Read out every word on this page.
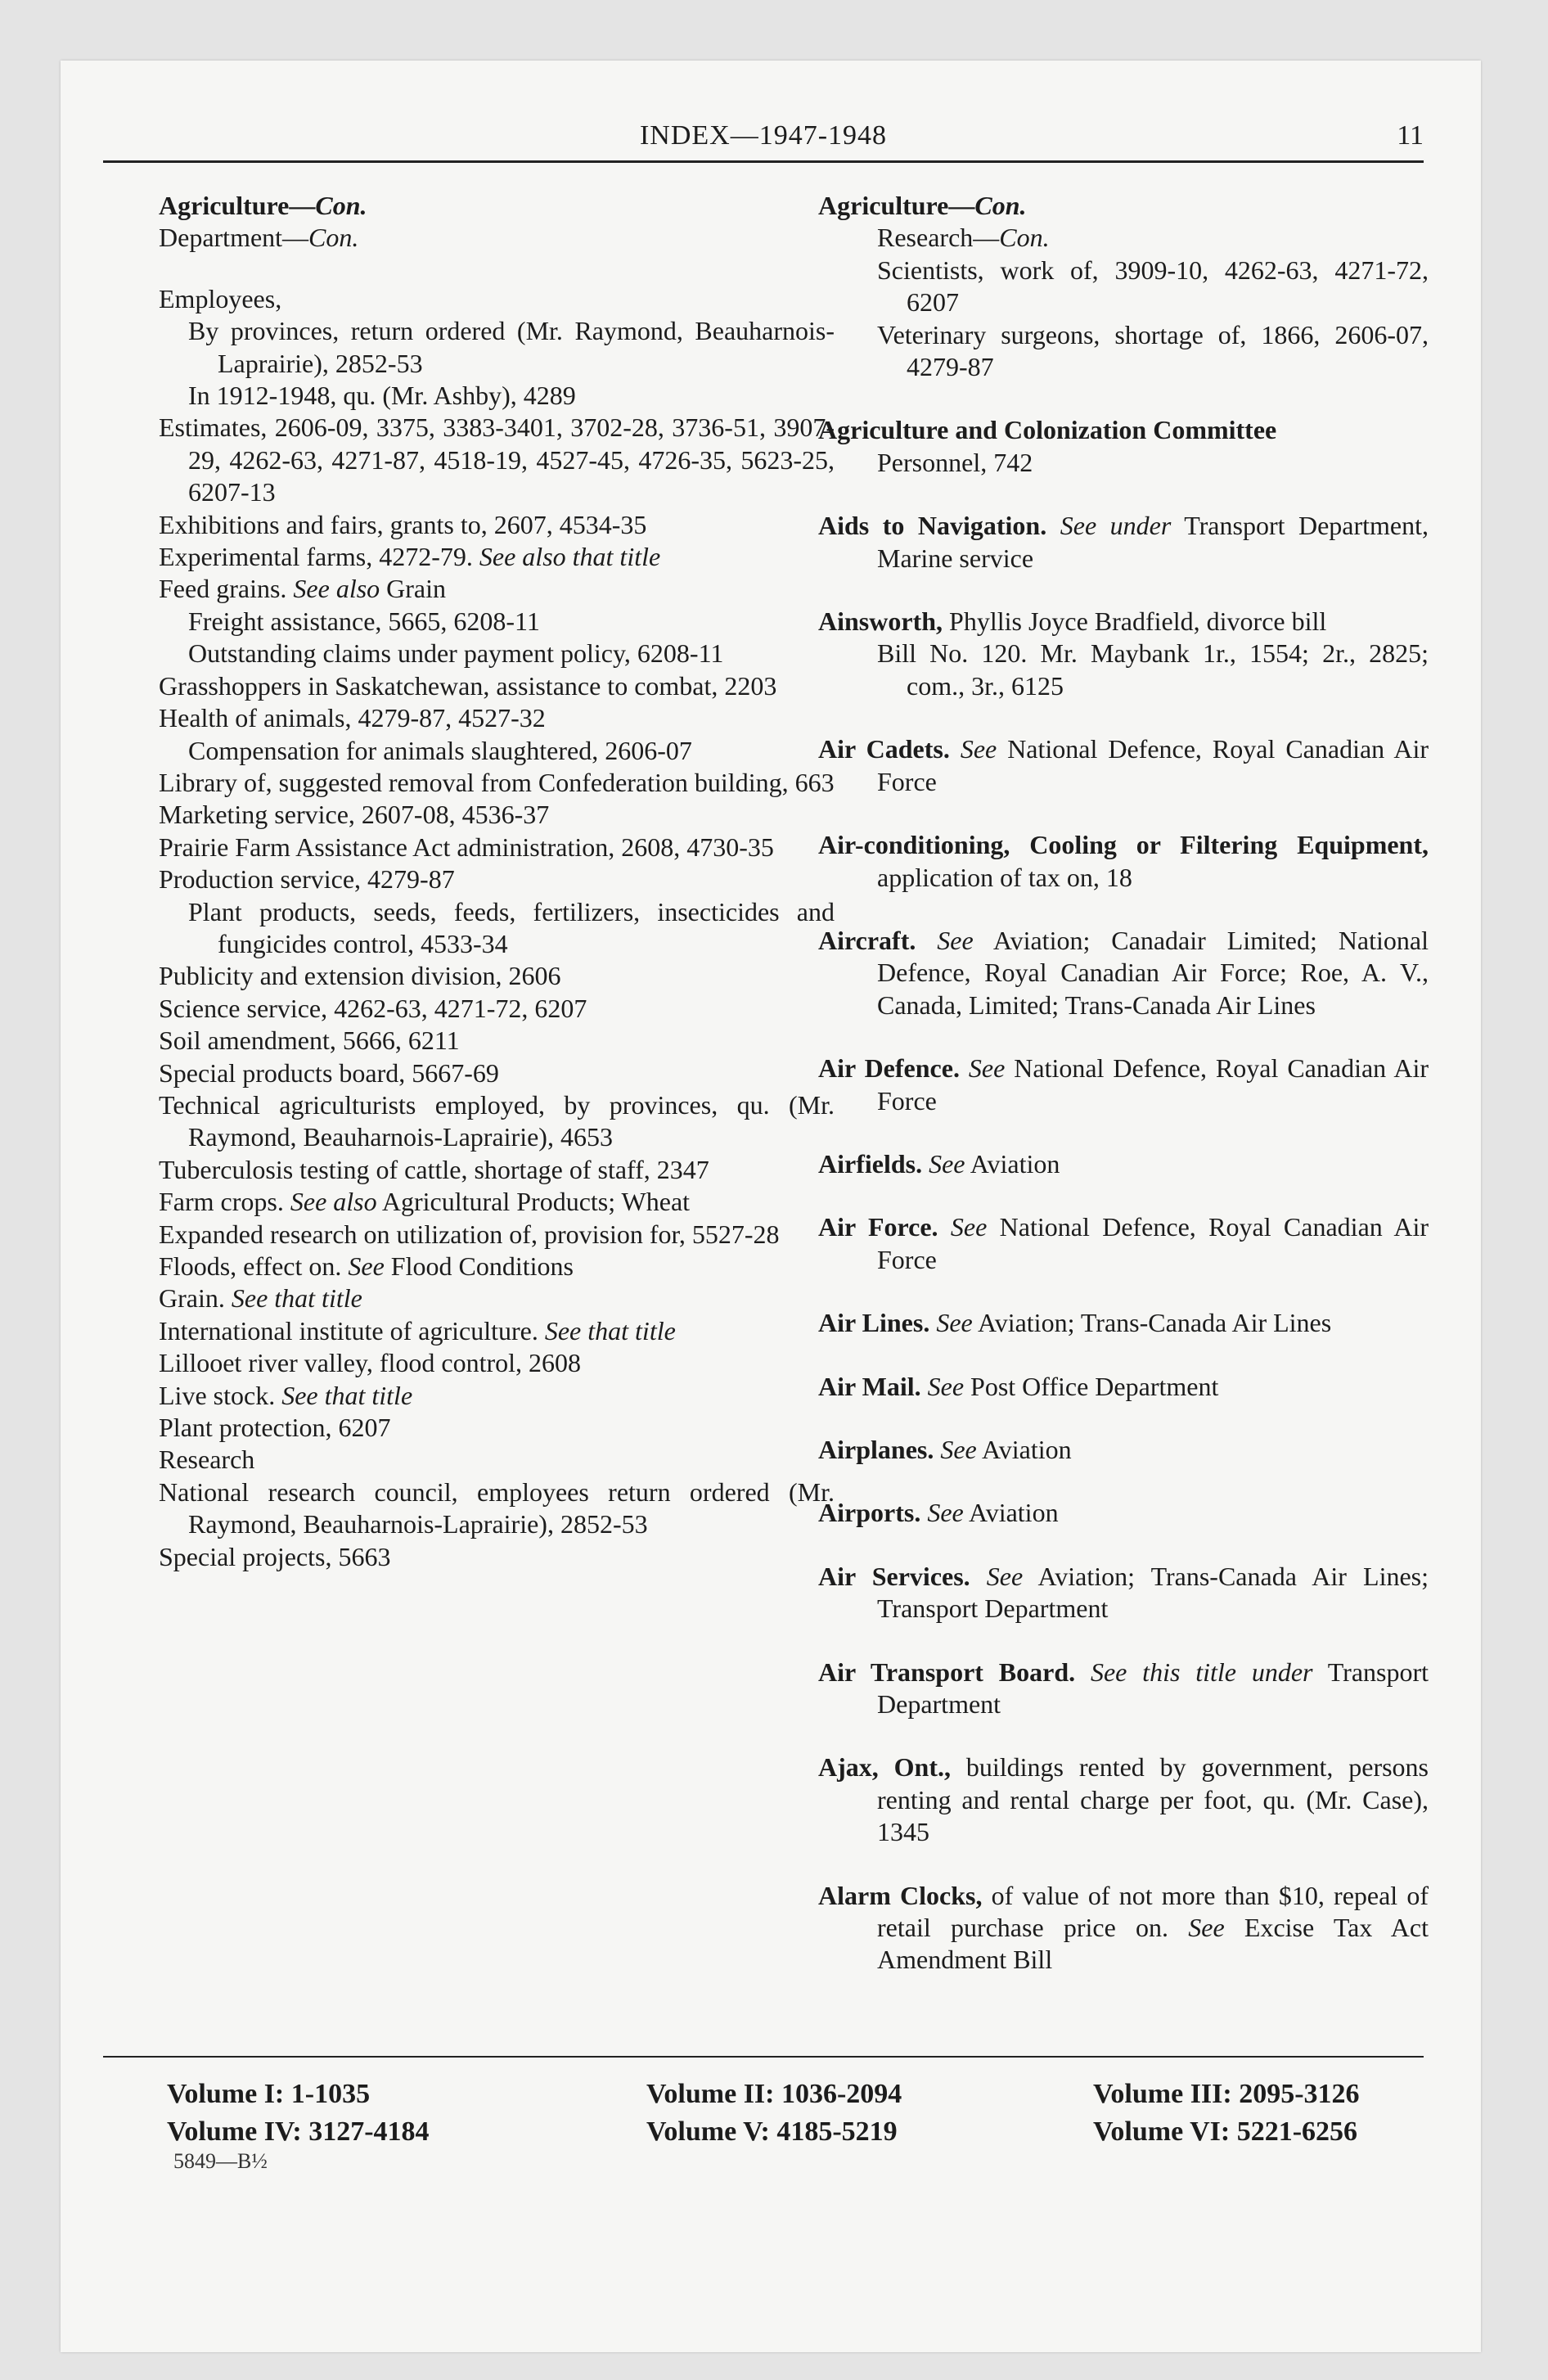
INDEX—1947-1948	11

Agriculture—Con.

Department—Con.

Employees,

By provinces, return ordered (Mr. Raymond, Beauharnois-Laprairie), 2852-53

In 1912-1948, qu. (Mr. Ashby), 4289

Estimates, 2606-09, 3375, 3383-3401, 3702-28, 3736-51, 3907-29, 4262-63, 4271-87, 4518-19, 4527-45, 4726-35, 5623-25, 6207-13

Exhibitions and fairs, grants to, 2607, 4534-35

Experimental farms, 4272-79. See also that title

Feed grains. See also Grain

Freight assistance, 5665, 6208-11

Outstanding claims under payment policy, 6208-11

Grasshoppers in Saskatchewan, assistance to combat, 2203

Health of animals, 4279-87, 4527-32

Compensation for animals slaughtered, 2606-07

Library of, suggested removal from Confederation building, 663

Marketing service, 2607-08, 4536-37

Prairie Farm Assistance Act administration, 2608, 4730-35

Production service, 4279-87

Plant products, seeds, feeds, fertilizers, insecticides and fungicides control, 4533-34

Publicity and extension division, 2606

Science service, 4262-63, 4271-72, 6207

Soil amendment, 5666, 6211

Special products board, 5667-69

Technical agriculturists employed, by provinces, qu. (Mr. Raymond, Beauharnois-Laprairie), 4653

Tuberculosis testing of cattle, shortage of staff, 2347

Farm crops. See also Agricultural Products; Wheat

Expanded research on utilization of, provision for, 5527-28

Floods, effect on. See Flood Conditions

Grain. See that title

International institute of agriculture. See that title

Lillooet river valley, flood control, 2608

Live stock. See that title

Plant protection, 6207

Research

National research council, employees return ordered (Mr. Raymond, Beauharnois-Laprairie), 2852-53

Special projects, 5663

Agriculture—Con.

Research—Con.

Scientists, work of, 3909-10, 4262-63, 4271-72, 6207

Veterinary surgeons, shortage of, 1866, 2606-07, 4279-87

Agriculture and Colonization Committee

Personnel, 742

Aids to Navigation. See under Transport Department, Marine service

Ainsworth, Phyllis Joyce Bradfield, divorce bill

Bill No. 120. Mr. Maybank 1r., 1554; 2r., 2825; com., 3r., 6125

Air Cadets. See National Defence, Royal Canadian Air Force

Air-conditioning, Cooling or Filtering Equipment, application of tax on, 18

Aircraft. See Aviation; Canadair Limited; National Defence, Royal Canadian Air Force; Roe, A. V., Canada, Limited; Trans-Canada Air Lines

Air Defence. See National Defence, Royal Canadian Air Force

Airfields. See Aviation

Air Force. See National Defence, Royal Canadian Air Force

Air Lines. See Aviation; Trans-Canada Air Lines

Air Mail. See Post Office Department

Airplanes. See Aviation

Airports. See Aviation

Air Services. See Aviation; Trans-Canada Air Lines; Transport Department

Air Transport Board. See this title under Transport Department

Ajax, Ont., buildings rented by government, persons renting and rental charge per foot, qu. (Mr. Case), 1345

Alarm Clocks, of value of not more than $10, repeal of retail purchase price on. See Excise Tax Act Amendment Bill

Volume I: 1-1035	Volume II: 1036-2094	Volume III: 2095-3126
Volume IV: 3127-4184	Volume V: 4185-5219	Volume VI: 5221-6256
5849—B½
